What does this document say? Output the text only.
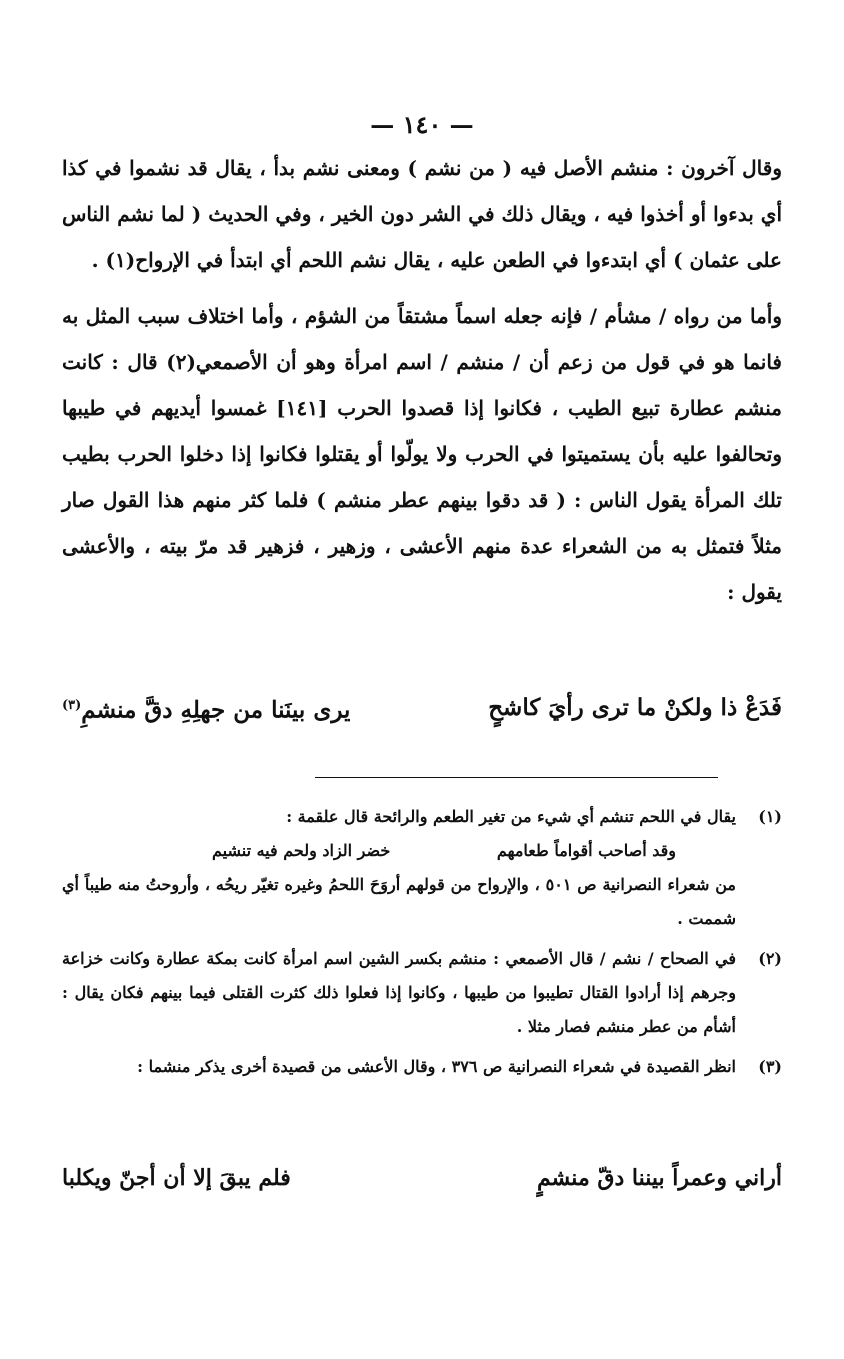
— ١٤٠ —

وقال آخرون : منشم الأصل فيه ( من نشم ) ومعنى نشم بدأ ، يقال قد نشموا في كذا أي بدءوا أو أخذوا فيه ، ويقال ذلك في الشر دون الخير ، وفي الحديث ( لما نشم الناس على عثمان ) أي ابتدءوا في الطعن عليه ، يقال نشم اللحم أي ابتدأ في الإرواح(١) .

وأما من رواه / مشأم / فإنه جعله اسماً مشتقاً من الشؤم ، وأما اختلاف سبب المثل به فانما هو في قول من زعم أن / منشم / اسم امرأة وهو أن الأصمعي(٢) قال : كانت منشم عطارة تبيع الطيب ، فكانوا إذا قصدوا الحرب [١٤١] غمسوا أيديهم في طيبها وتحالفوا عليه بأن يستميتوا في الحرب ولا يولّوا أو يقتلوا فكانوا إذا دخلوا الحرب بطيب تلك المرأة يقول الناس : ( قد دقوا بينهم عطر منشم ) فلما كثر منهم هذا القول صار مثلاً فتمثل به من الشعراء عدة منهم الأعشى ، وزهير ، فزهير قد مرّ بيته ، والأعشى يقول :

فَدَعْ ذا ولكنْ ما ترى رأيَ كاشحٍ
يرى بينَنا من جهلِهِ دقَّ منشمِ$^{(٣)}$
(١)
يقال في اللحم تنشم أي شيء من تغير الطعم والرائحة قال علقمة :
وقد أصاحب أقواماً طعامهم
خضر الزاد ولحم فيه تنشيم
من شعراء النصرانية ص ٥٠١ ، والإرواح من قولهم أروَحَ اللحمُ وغيره تغيّر ريحُه ، وأروحتُ منه طيباً أي شممت .
(٢)
في الصحاح / نشم / قال الأصمعي : منشم بكسر الشين اسم امرأة كانت بمكة عطارة وكانت خزاعة وجرهم إذا أرادوا القتال تطيبوا من طيبها ، وكانوا إذا فعلوا ذلك كثرت القتلى فيما بينهم فكان يقال : أشأم من عطر منشم فصار مثلا .
(٣)
انظر القصيدة في شعراء النصرانية ص ٣٧٦ ، وقال الأعشى من قصيدة أخرى يذكر منشما :
أراني وعمراً بيننا دقّ منشمٍ
فلم يبقَ إلا أن أجنّ ويكلبا
